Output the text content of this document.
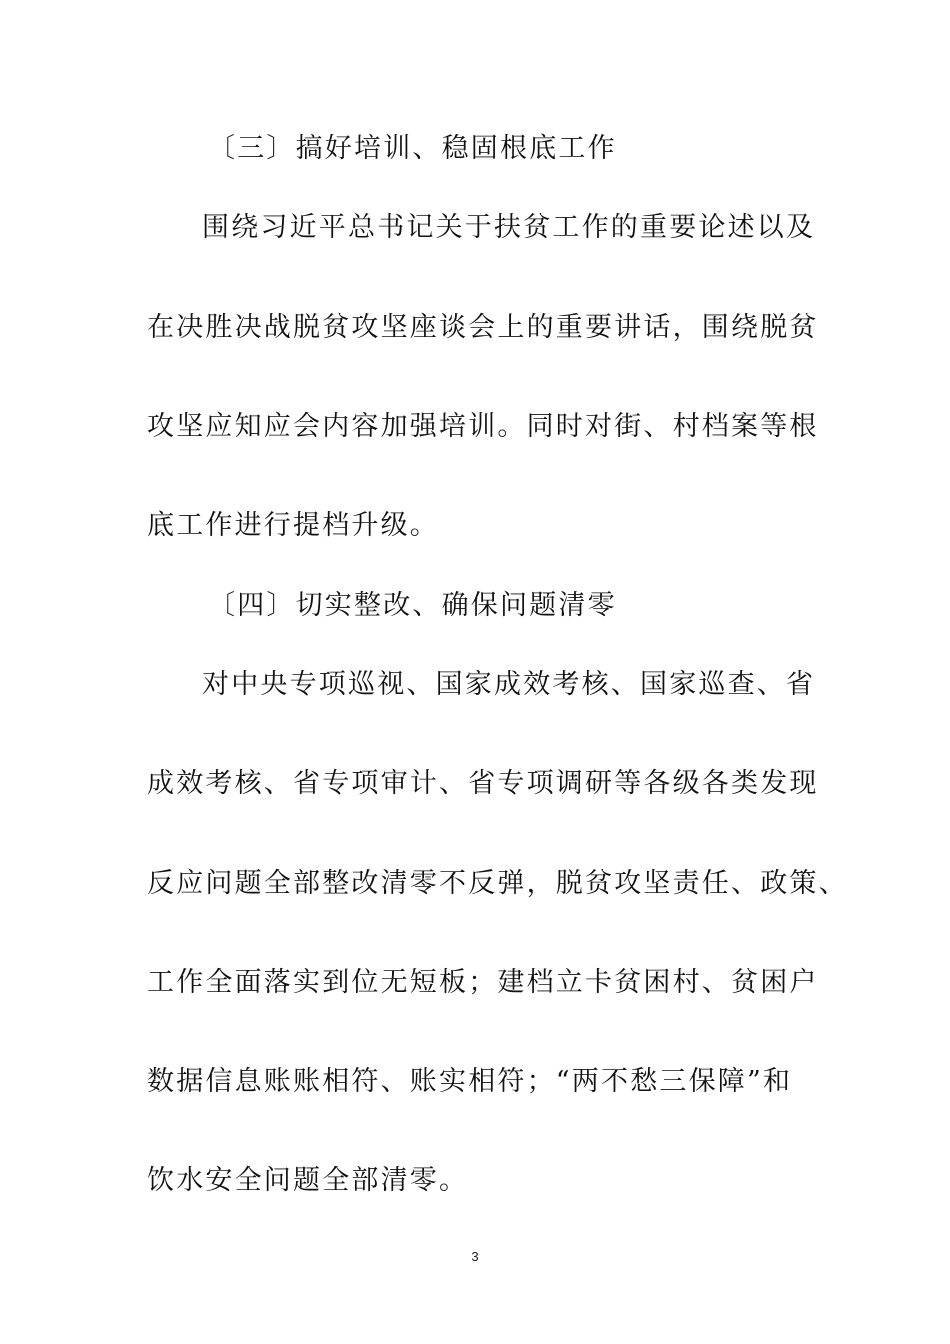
〔三〕搞好培训、稳固根底工作
围绕习近平总书记关于扶贫工作的重要论述以及
在决胜决战脱贫攻坚座谈会上的重要讲话，围绕脱贫
攻坚应知应会内容加强培训。同时对街、村档案等根
底工作进行提档升级。
〔四〕切实整改、确保问题清零
对中央专项巡视、国家成效考核、国家巡查、省
成效考核、省专项审计、省专项调研等各级各类发现
反应问题全部整改清零不反弹，脱贫攻坚责任、政策、
工作全面落实到位无短板；建档立卡贫困村、贫困户
数据信息账账相符、账实相符；“两不愁三保障”和
饮水安全问题全部清零。
3
